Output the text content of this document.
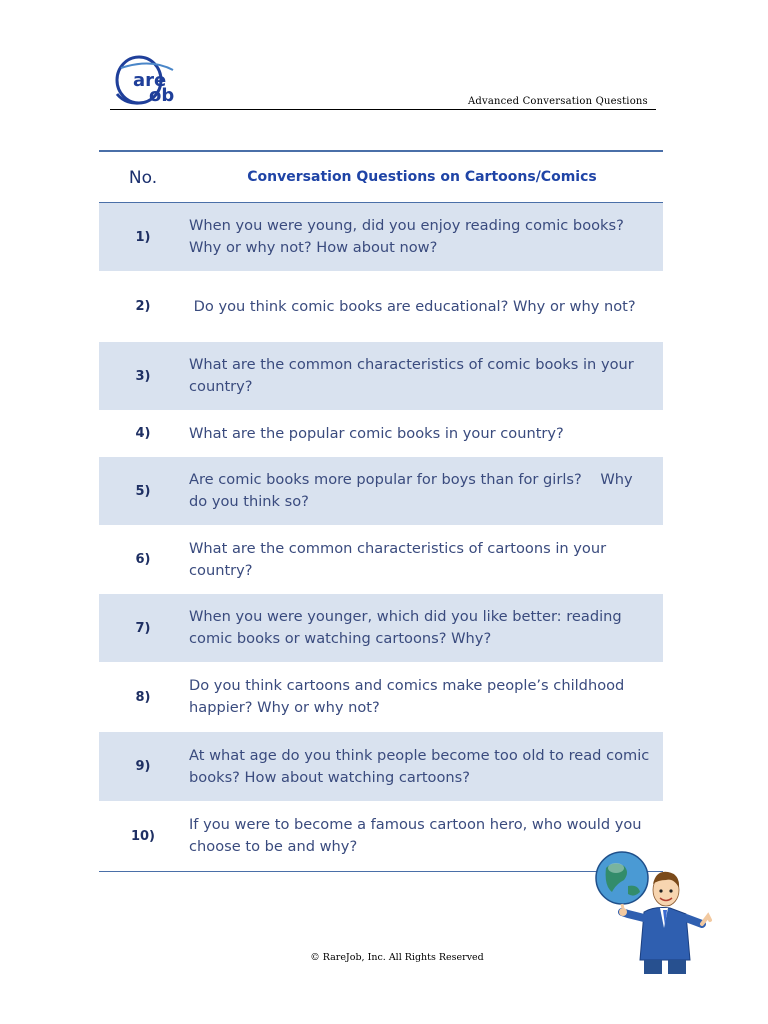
are
ob	Advanced Conversation Questions
No.	Conversation Questions on Cartoons/Comics
1)
When you were young, did you enjoy reading comic books? Why or why not? How about now?
2)	Do you think comic books are educational? Why or why not?
3)
What are the common characteristics of comic books in your country?
4)	What are the popular comic books in your country?
5)
Are comic books more popular for boys than for girls?    Why do you think so?
6)
What are the common characteristics of cartoons in your country?
7)
When you were younger, which did you like better: reading comic books or watching cartoons? Why?
8)
Do you think cartoons and comics make people’s childhood happier? Why or why not?
9)
At what age do you think people become too old to read comic books? How about watching cartoons?
10)
If you were to become a famous cartoon hero, who would you choose to be and why?
© RareJob, Inc. All Rights Reserved
